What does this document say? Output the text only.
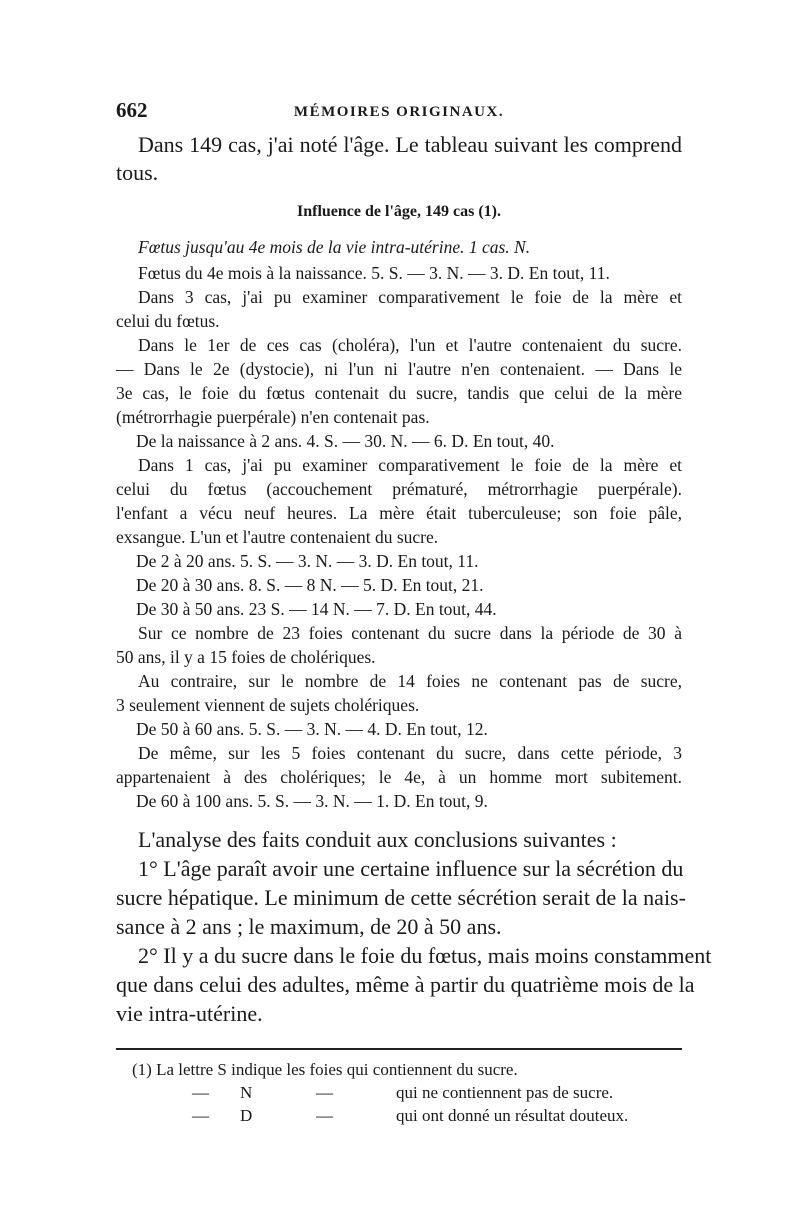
662	MÉMOIRES ORIGINAUX.
Dans 149 cas, j'ai noté l'âge. Le tableau suivant les comprend
tous.
Influence de l'âge, 149 cas (1).
Fœtus jusqu'au 4e mois de la vie intra-utérine. 1 cas. N.
Fœtus du 4e mois à la naissance. 5. S. — 3. N. — 3. D. En tout, 11.
Dans 3 cas, j'ai pu examiner comparativement le foie de la mère et
celui du fœtus.
Dans le 1er de ces cas (choléra), l'un et l'autre contenaient du sucre.
— Dans le 2e (dystocie), ni l'un ni l'autre n'en contenaient. — Dans le
3e cas, le foie du fœtus contenait du sucre, tandis que celui de la mère
(métrorrhagie puerpérale) n'en contenait pas.
De la naissance à 2 ans. 4. S. — 30. N. — 6. D. En tout, 40.
Dans 1 cas, j'ai pu examiner comparativement le foie de la mère et
celui du fœtus (accouchement prématuré, métrorrhagie puerpérale).
l'enfant a vécu neuf heures. La mère était tuberculeuse; son foie pâle,
exsangue. L'un et l'autre contenaient du sucre.
De 2 à 20 ans. 5. S. — 3. N. — 3. D. En tout, 11.
De 20 à 30 ans. 8. S. — 8 N. — 5. D. En tout, 21.
De 30 à 50 ans. 23 S. — 14 N. — 7. D. En tout, 44.
Sur ce nombre de 23 foies contenant du sucre dans la période de 30 à
50 ans, il y a 15 foies de cholériques.
Au contraire, sur le nombre de 14 foies ne contenant pas de sucre,
3 seulement viennent de sujets cholériques.
De 50 à 60 ans. 5. S. — 3. N. — 4. D. En tout, 12.
De même, sur les 5 foies contenant du sucre, dans cette période, 3
appartenaient à des cholériques; le 4e, à un homme mort subitement.
De 60 à 100 ans. 5. S. — 3. N. — 1. D. En tout, 9.
L'analyse des faits conduit aux conclusions suivantes :
1° L'âge paraît avoir une certaine influence sur la sécrétion du
sucre hépatique. Le minimum de cette sécrétion serait de la nais-
sance à 2 ans ; le maximum, de 20 à 50 ans.
2° Il y a du sucre dans le foie du fœtus, mais moins constamment
que dans celui des adultes, même à partir du quatrième mois de la
vie intra-utérine.
(1) La lettre S indique les foies qui contiennent du sucre.
— N	—	qui ne contiennent pas de sucre.
— D	—	qui ont donné un résultat douteux.
